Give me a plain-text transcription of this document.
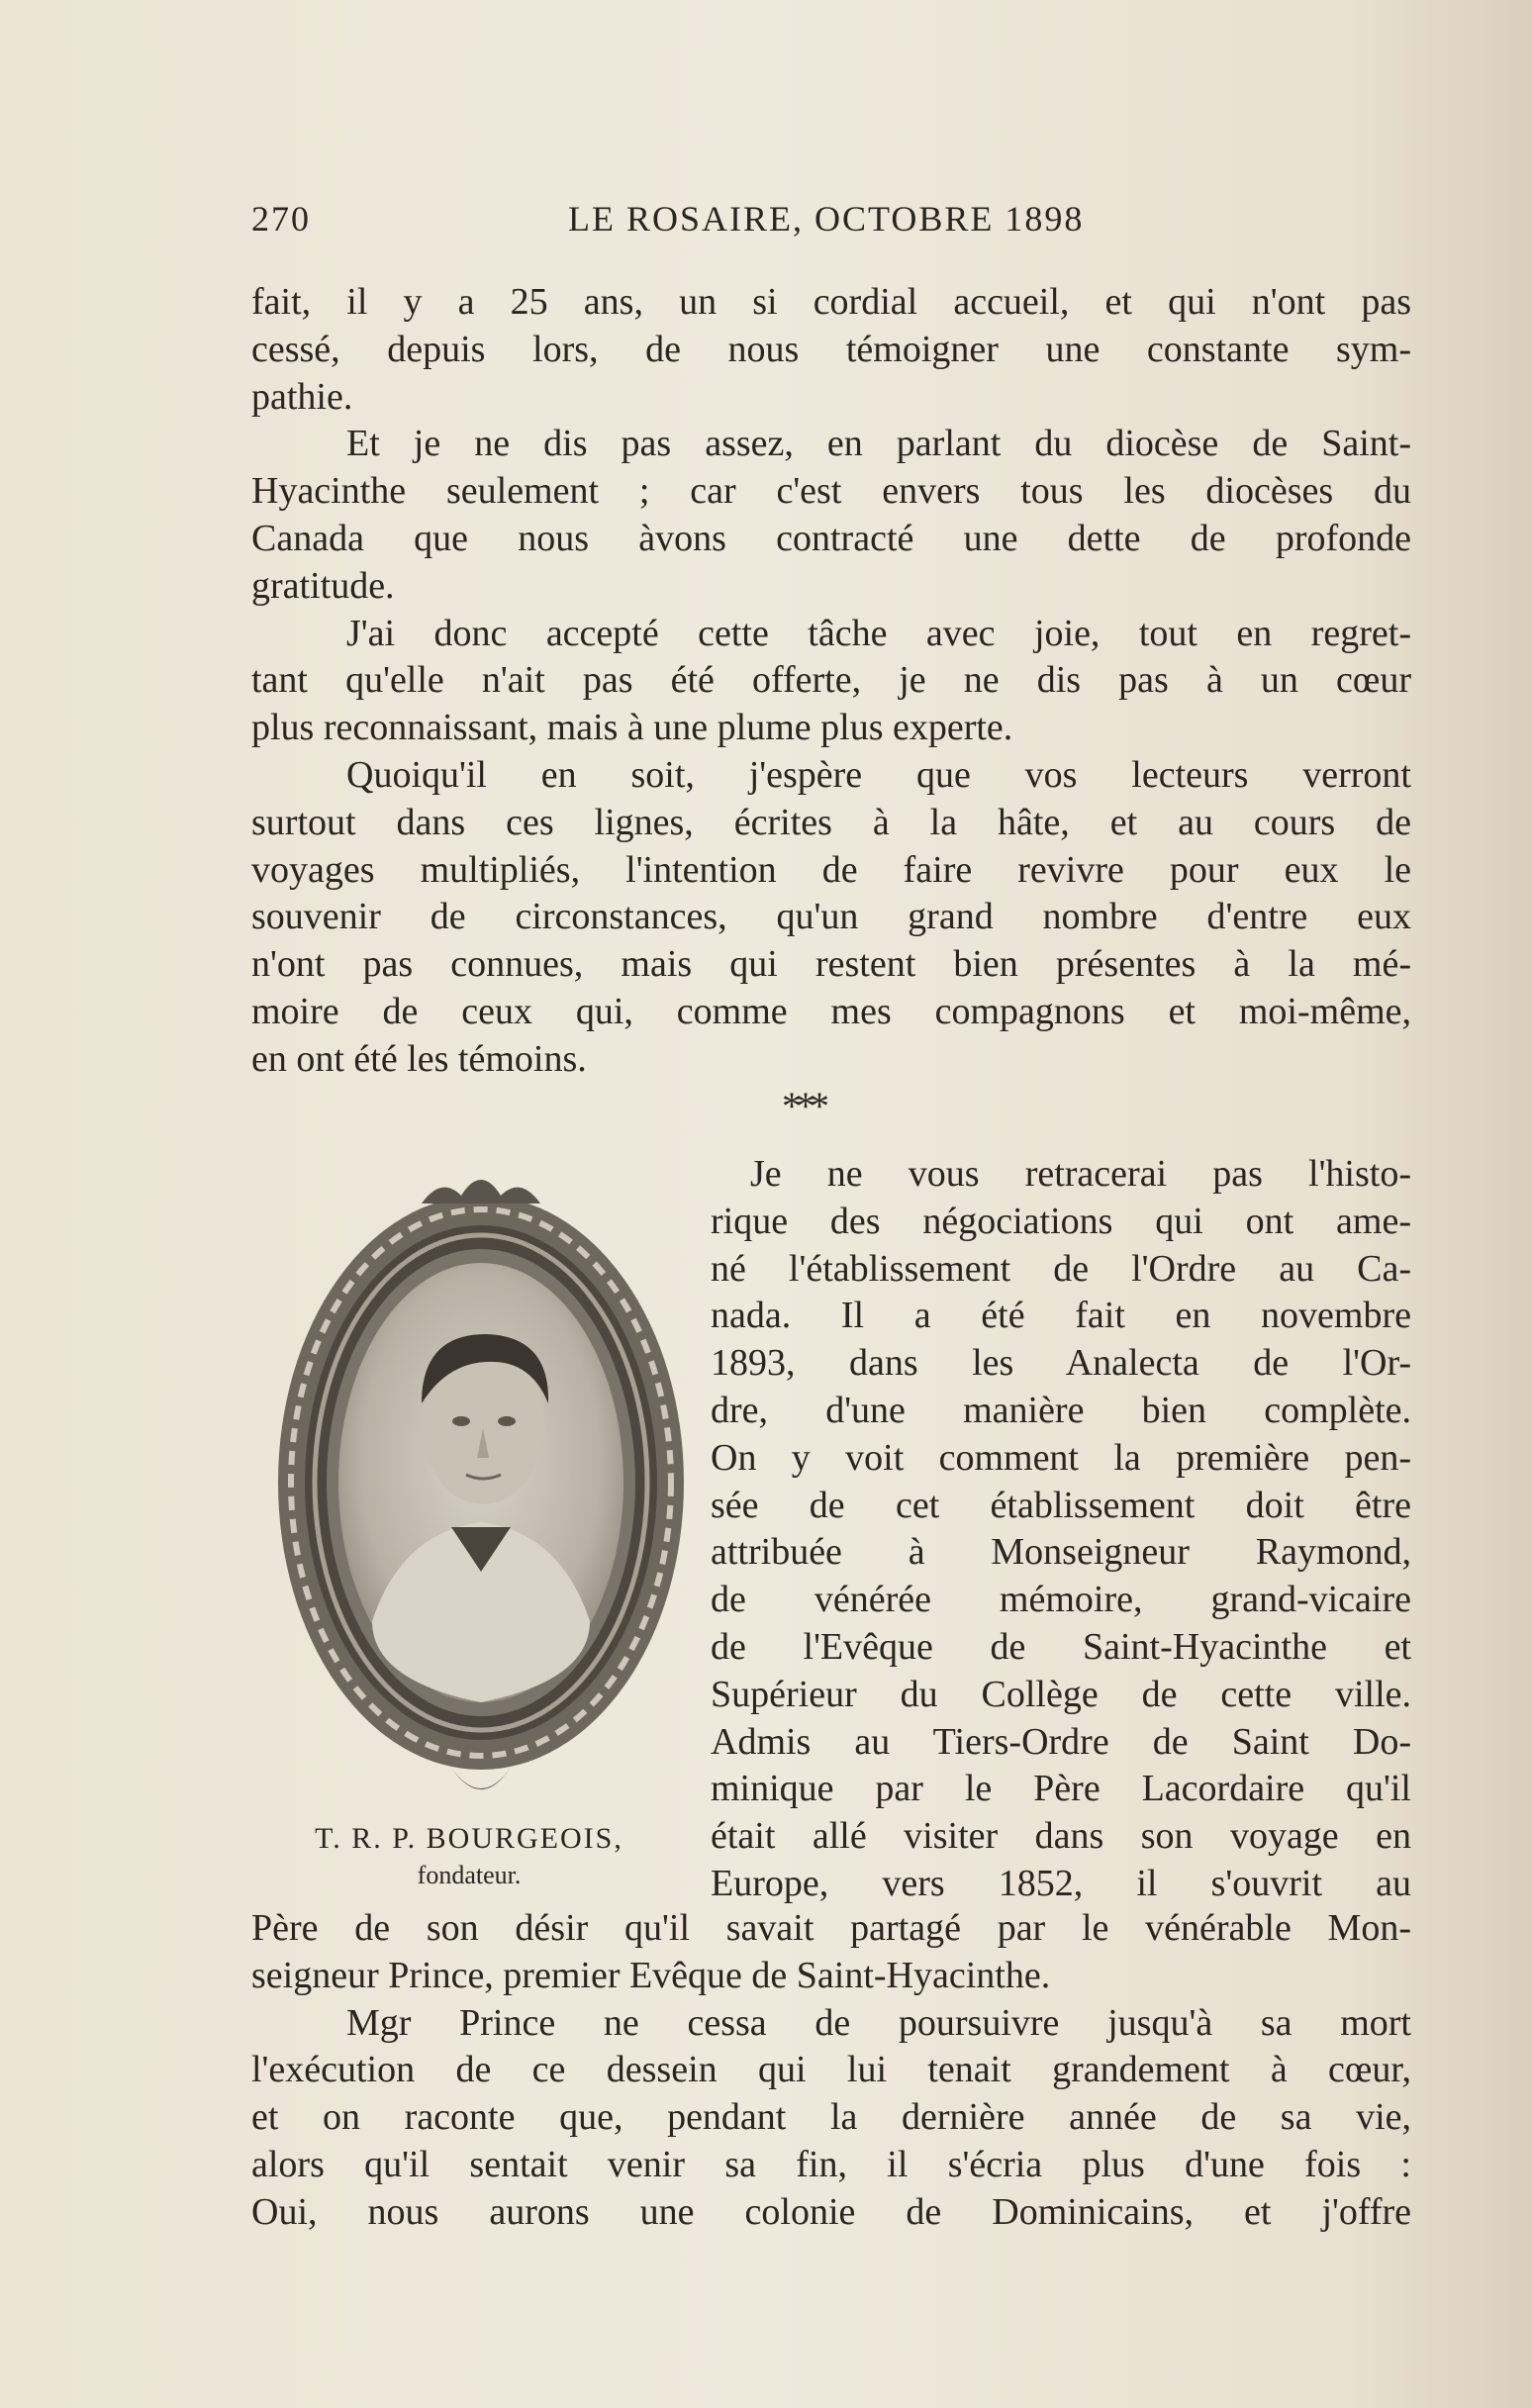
270	LE ROSAIRE, OCTOBRE 1898
fait, il y a 25 ans, un si cordial accueil, et qui n'ont pas
cessé, depuis lors, de nous témoigner une constante sym-
pathie.
Et je ne dis pas assez, en parlant du diocèse de Saint-
Hyacinthe seulement ; car c'est envers tous les diocèses du
Canada que nous àvons contracté une dette de profonde
gratitude.
J'ai donc accepté cette tâche avec joie, tout en regret-
tant qu'elle n'ait pas été offerte, je ne dis pas à un cœur
plus reconnaissant, mais à une plume plus experte.
Quoiqu'il en soit, j'espère que vos lecteurs verront
surtout dans ces lignes, écrites à la hâte, et au cours de
voyages multipliés, l'intention de faire revivre pour eux le
souvenir de circonstances, qu'un grand nombre d'entre eux
n'ont pas connues, mais qui restent bien présentes à la mé-
moire de ceux qui, comme mes compagnons et moi-même,
en ont été les témoins.
***
T. R. P. BOURGEOIS,
fondateur.
Je ne vous retracerai pas l'histo-
rique des négociations qui ont ame-
né l'établissement de l'Ordre au Ca-
nada. Il a été fait en novembre
1893, dans les Analecta de l'Or-
dre, d'une manière bien complète.
On y voit comment la première pen-
sée de cet établissement doit être
attribuée à Monseigneur Raymond,
de vénérée mémoire, grand-vicaire
de l'Evêque de Saint-Hyacinthe et
Supérieur du Collège de cette ville.
Admis au Tiers-Ordre de Saint Do-
minique par le Père Lacordaire qu'il
était allé visiter dans son voyage en
Europe, vers 1852, il s'ouvrit au
Père de son désir qu'il savait partagé par le vénérable Mon-
seigneur Prince, premier Evêque de Saint-Hyacinthe.
Mgr Prince ne cessa de poursuivre jusqu'à sa mort
l'exécution de ce dessein qui lui tenait grandement à cœur,
et on raconte que, pendant la dernière année de sa vie,
alors qu'il sentait venir sa fin, il s'écria plus d'une fois :
Oui, nous aurons une colonie de Dominicains, et j'offre
